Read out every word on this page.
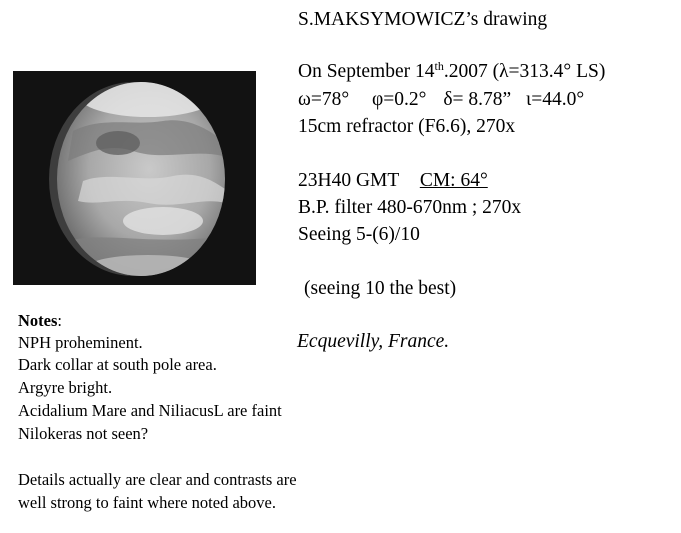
S.MAKSYMOWICZ’s drawing
On September 14th.2007 (λ=313.4° LS)
ω=78° φ=0.2° δ= 8.78” ι=44.0°
15cm refractor (F6.6), 270x
23H40 GMT CM: 64°
B.P. filter 480-670nm ; 270x
Seeing 5-(6)/10
(seeing 10 the best)
Ecquevilly, France.
Notes:
NPH proheminent.
Dark collar at south pole area.
Argyre bright.
Acidalium Mare and NiliacusL are faint
Nilokeras not seen?
Details actually are clear and contrasts are
well strong to faint where noted above.
